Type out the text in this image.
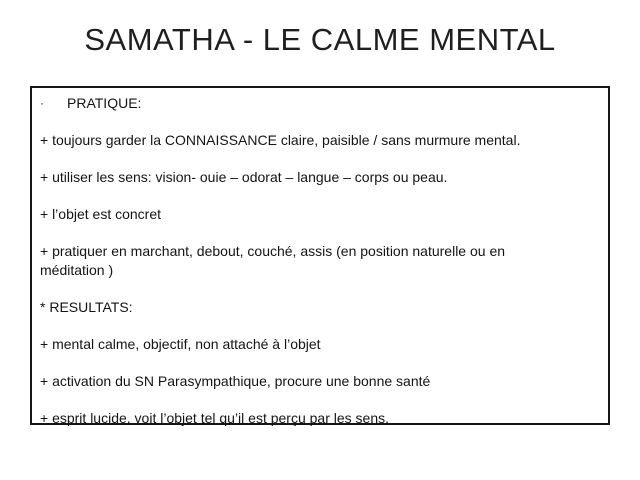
SAMATHA - LE CALME MENTAL
· PRATIQUE:
+ toujours garder la CONNAISSANCE claire, paisible / sans murmure mental.
+ utiliser les sens: vision- ouie – odorat – langue – corps ou peau.
+ l’objet est concret
+ pratiquer en marchant, debout, couché, assis (en position naturelle ou en
méditation )
* RESULTATS:
+ mental calme, objectif, non attaché à l’objet
+ activation du SN Parasympathique, procure une bonne santé
+ esprit lucide, voit l’objet tel qu’il est perçu par les sens.
